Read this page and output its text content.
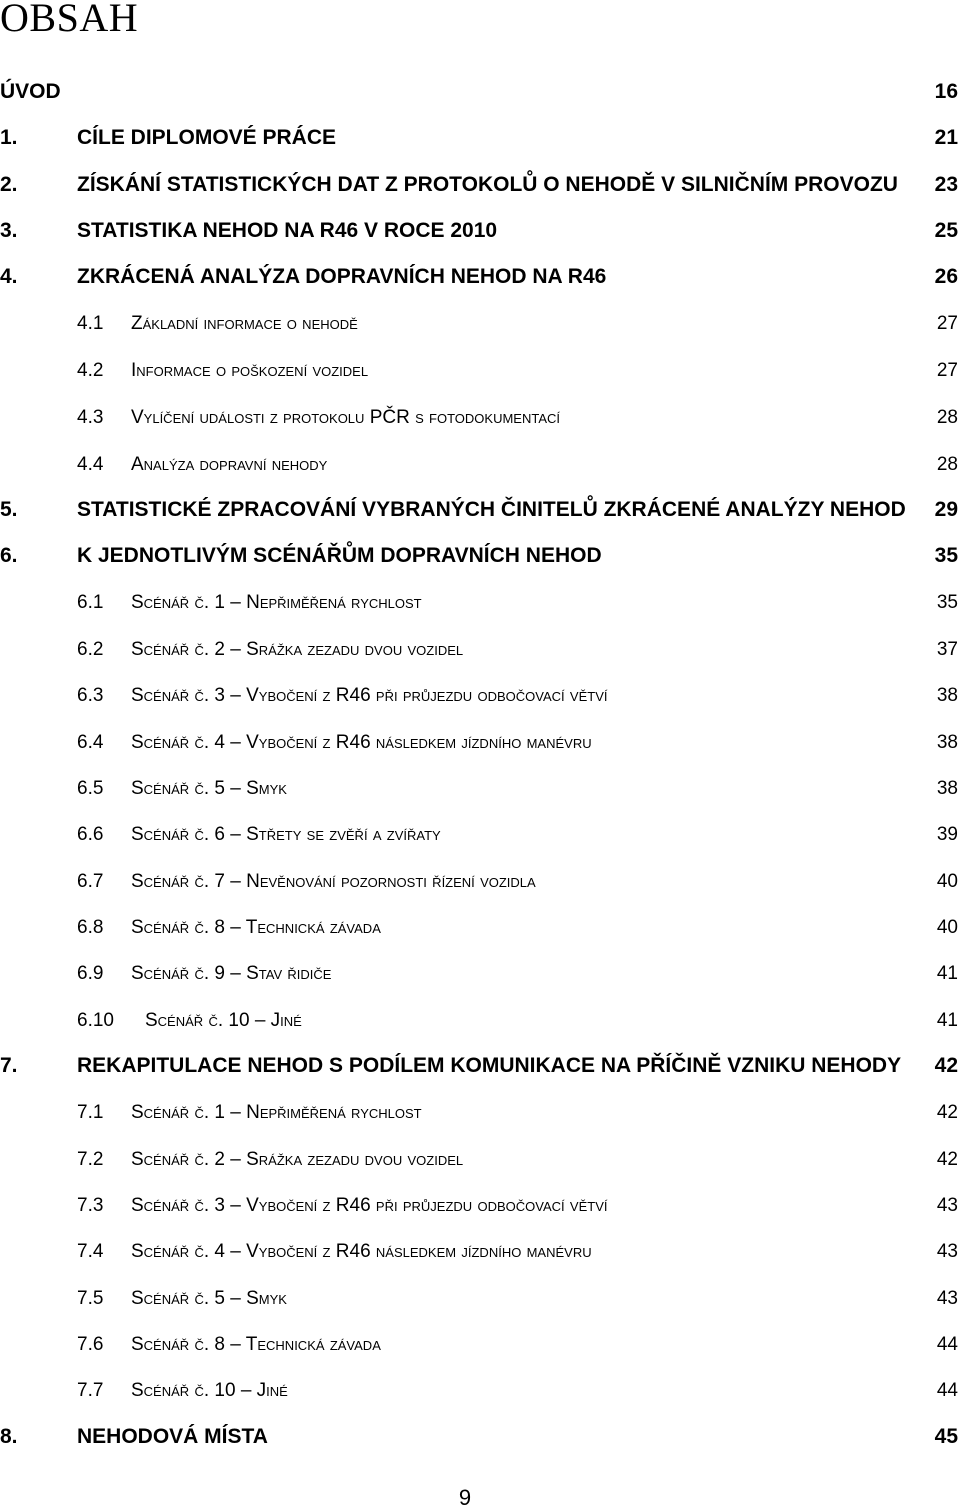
OBSAH
ÚVOD	16
1.	CÍLE DIPLOMOVÉ PRÁCE	21
2.	ZÍSKÁNÍ STATISTICKÝCH DAT Z PROTOKOLŮ O NEHODĚ V SILNIČNÍM PROVOZU 23
3.	STATISTIKA NEHOD NA R46 V ROCE 2010	25
4.	ZKRÁCENÁ ANALÝZA DOPRAVNÍCH NEHOD NA R46	26
4.1 Základní informace o nehodě	27
4.2 Informace o poškození vozidel	27
4.3 Vylíčení události z protokolu PČR s fotodokumentací	28
4.4 Analýza dopravní nehody	28
5.	STATISTICKÉ ZPRACOVÁNÍ VYBRANÝCH ČINITELŮ ZKRÁCENÉ ANALÝZY NEHOD 29
6.	K JEDNOTLIVÝM SCÉNÁŘŮM DOPRAVNÍCH NEHOD	35
6.1 Scénář č. 1 – Nepřiměřená rychlost	35
6.2 Scénář č. 2 – Srážka zezadu dvou vozidel	37
6.3 Scénář č. 3 – Vybočení z R46 při průjezdu odbočovací větví	38
6.4 Scénář č. 4 – Vybočení z R46 následkem jízdního manévru	38
6.5 Scénář č. 5 – Smyk	38
6.6 Scénář č. 6 – Střety se zvěří a zvířaty	39
6.7 Scénář č. 7 – Nevěnování pozornosti řízení vozidla	40
6.8 Scénář č. 8 – Technická závada	40
6.9 Scénář č. 9 – Stav řidiče	41
6.10 Scénář č. 10 – Jiné	41
7.	REKAPITULACE NEHOD S PODÍLEM KOMUNIKACE NA PŘÍČINĚ VZNIKU NEHODY 42
7.1 Scénář č. 1 – Nepřiměřená rychlost	42
7.2 Scénář č. 2 – Srážka zezadu dvou vozidel	42
7.3 Scénář č. 3 – Vybočení z R46 při průjezdu odbočovací větví	43
7.4 Scénář č. 4 – Vybočení z R46 následkem jízdního manévru	43
7.5 Scénář č. 5 – Smyk	43
7.6 Scénář č. 8 – Technická závada	44
7.7 Scénář č. 10 – Jiné	44
8.	NEHODOVÁ MÍSTA	45
9
